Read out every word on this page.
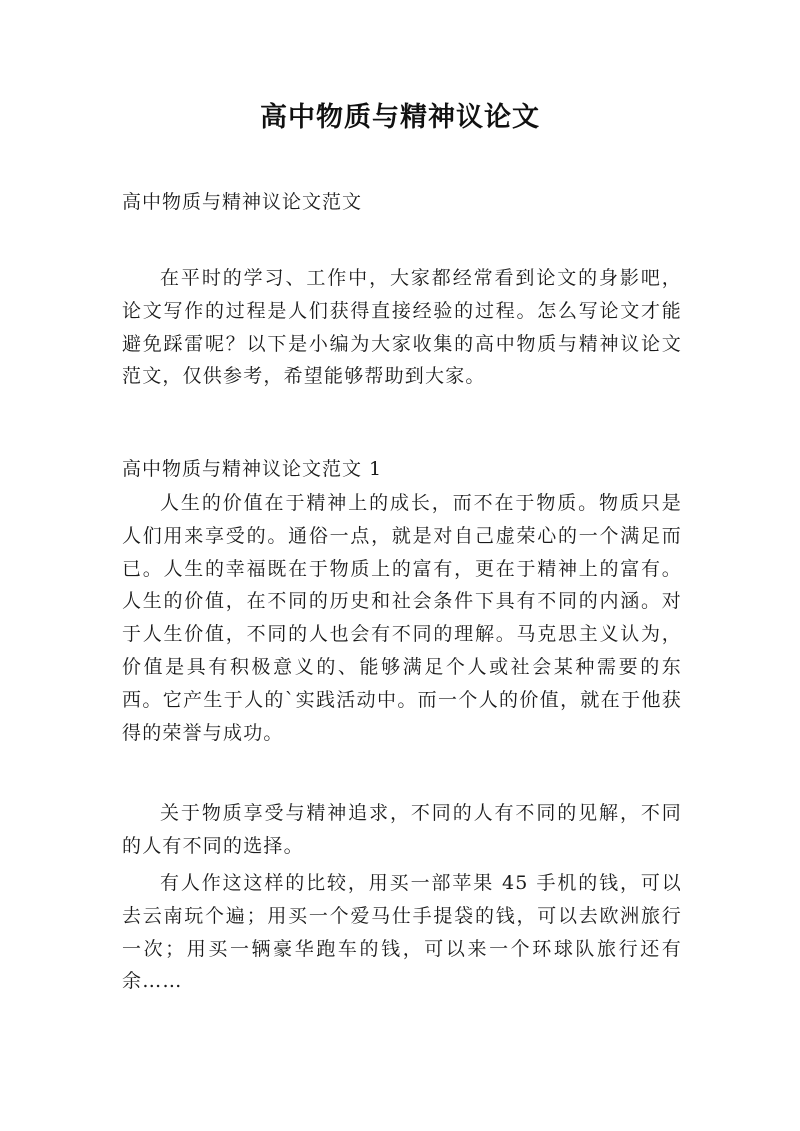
高中物质与精神议论文
高中物质与精神议论文范文

在平时的学习、工作中，大家都经常看到论文的身影吧，论文写作的过程是人们获得直接经验的过程。怎么写论文才能避免踩雷呢？以下是小编为大家收集的高中物质与精神议论文范文，仅供参考，希望能够帮助到大家。

高中物质与精神议论文范文 1

人生的价值在于精神上的成长，而不在于物质。物质只是人们用来享受的。通俗一点，就是对自己虚荣心的一个满足而已。人生的幸福既在于物质上的富有，更在于精神上的富有。人生的价值，在不同的历史和社会条件下具有不同的内涵。对于人生价值，不同的人也会有不同的理解。马克思主义认为，价值是具有积极意义的、能够满足个人或社会某种需要的东西。它产生于人的`实践活动中。而一个人的价值，就在于他获得的荣誉与成功。

关于物质享受与精神追求，不同的人有不同的见解，不同的人有不同的选择。

有人作这这样的比较，用买一部苹果 45 手机的钱，可以去云南玩个遍；用买一个爱马仕手提袋的钱，可以去欧洲旅行一次；用买一辆豪华跑车的钱，可以来一个环球队旅行还有余……
